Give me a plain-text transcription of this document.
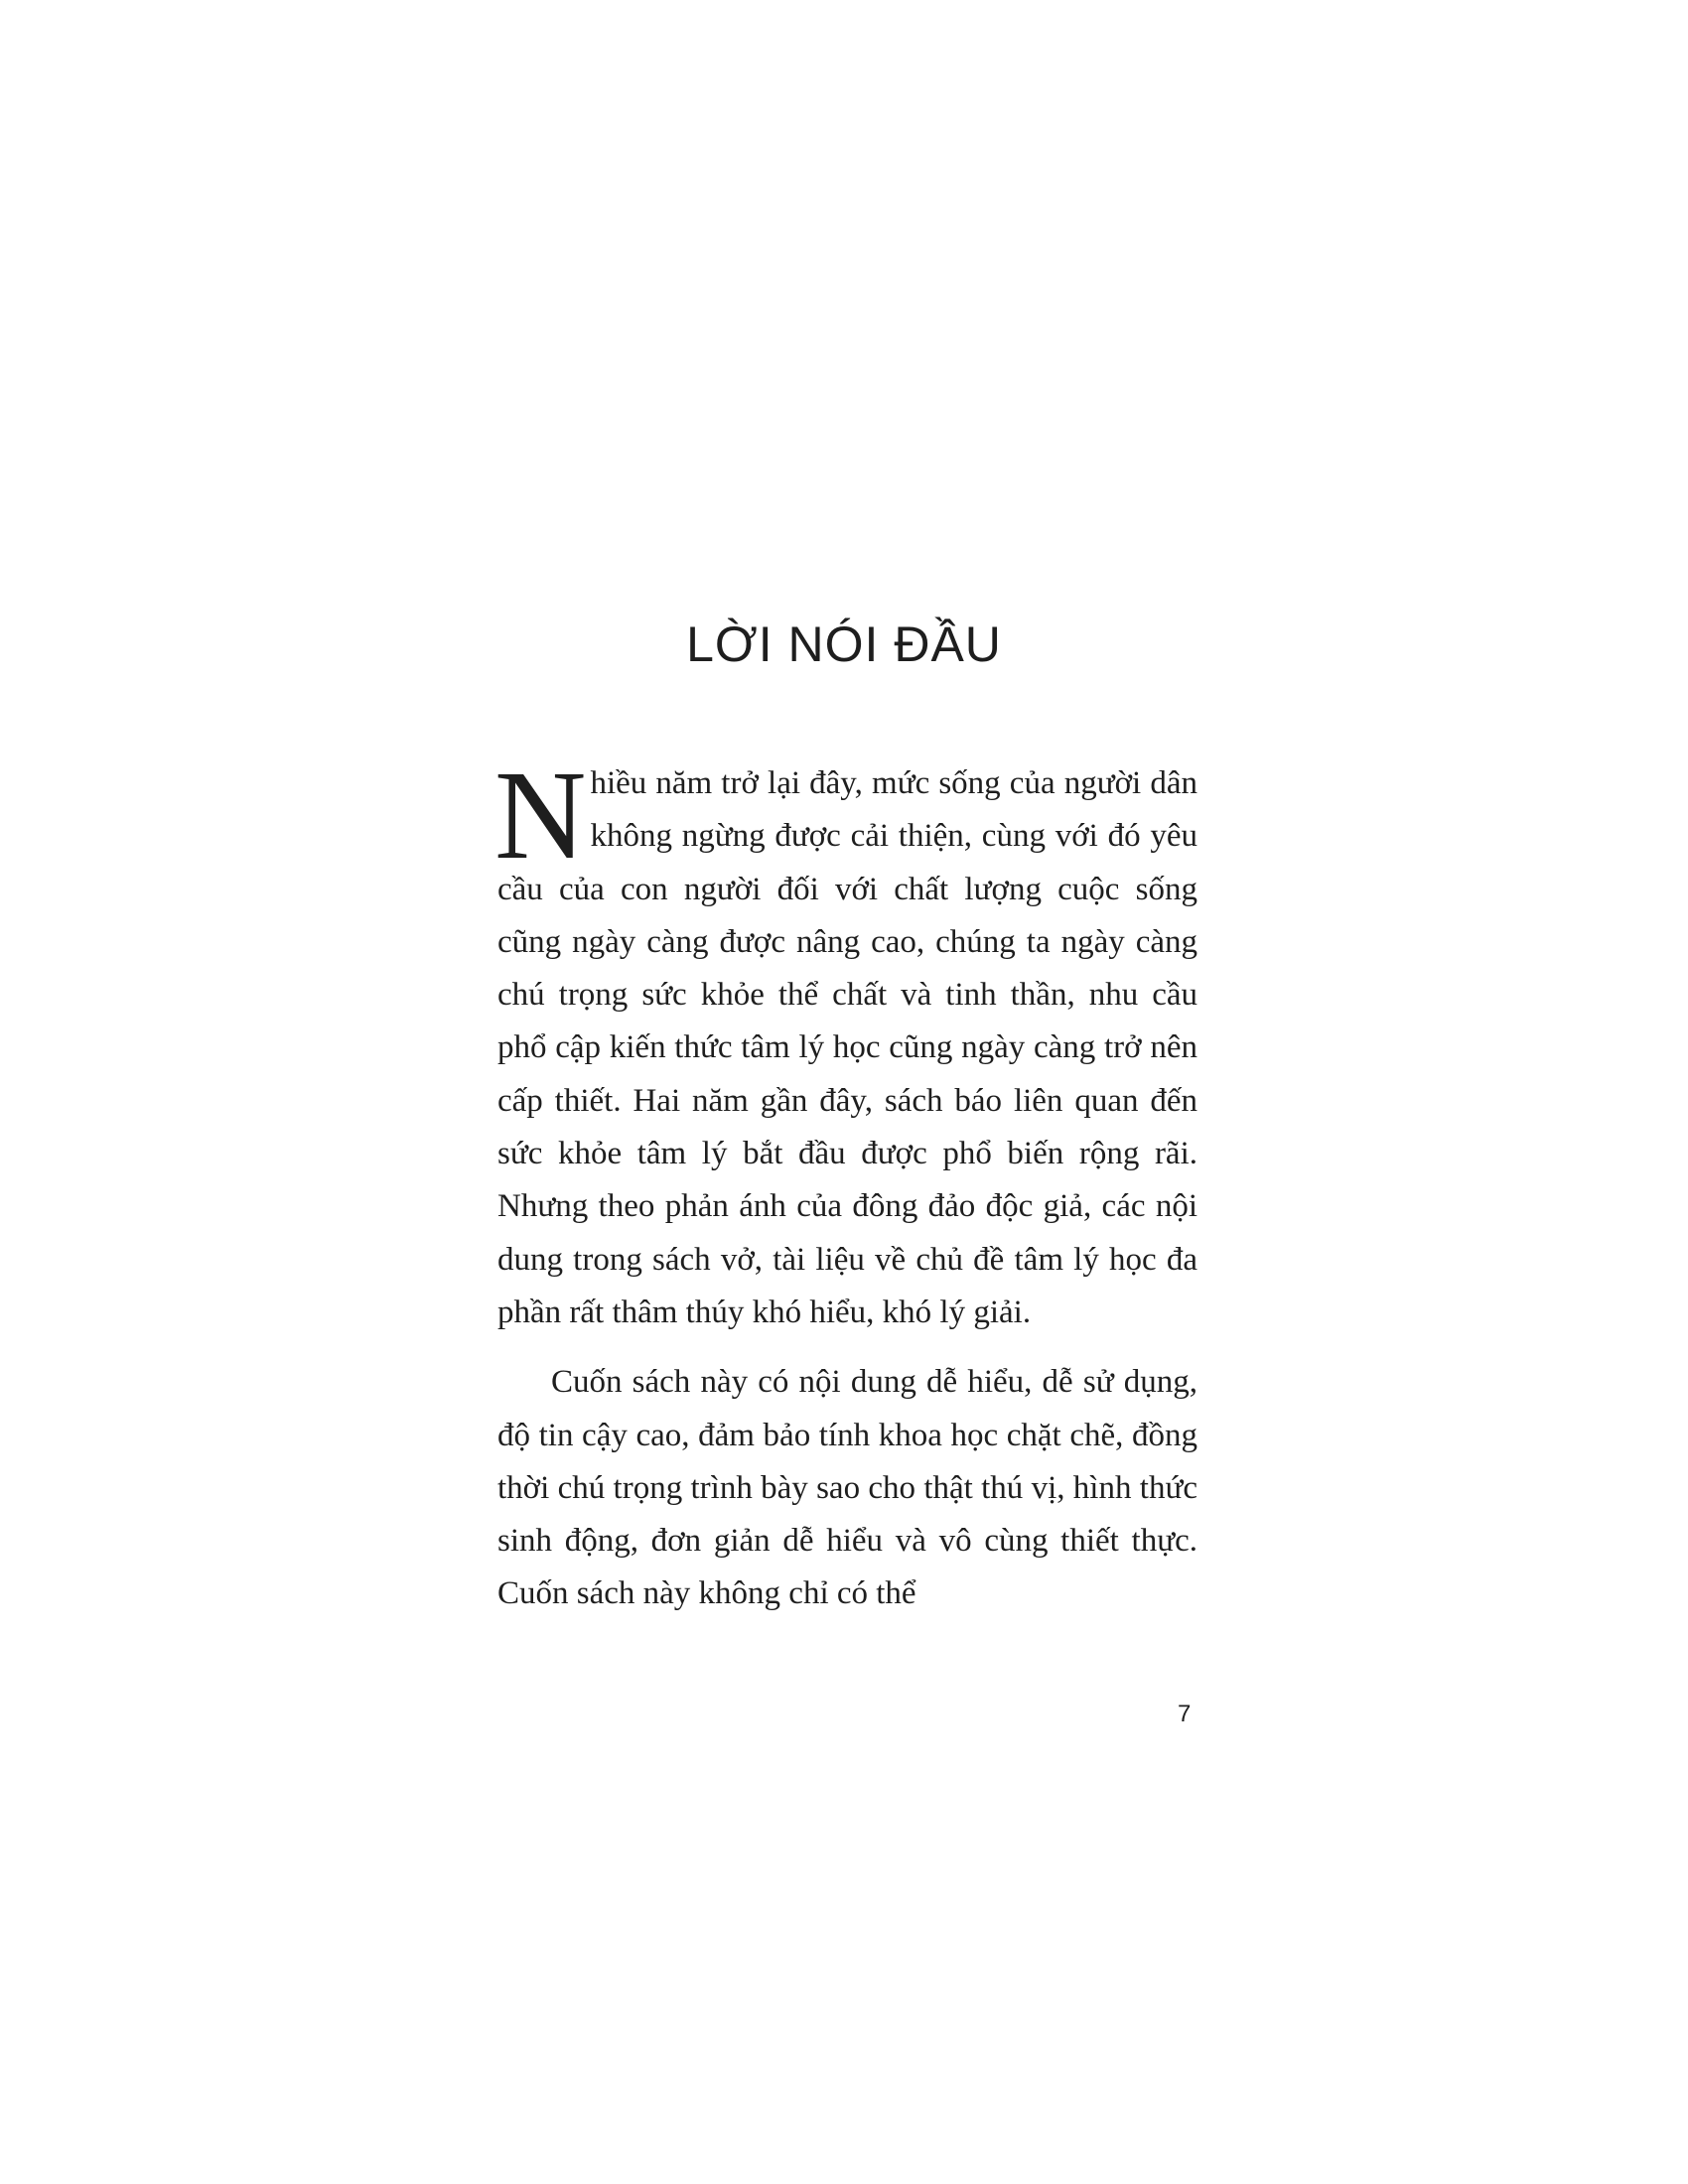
LỜI NÓI ĐẦU

Nhiều năm trở lại đây, mức sống của người dân không ngừng được cải thiện, cùng với đó yêu cầu của con người đối với chất lượng cuộc sống cũng ngày càng được nâng cao, chúng ta ngày càng chú trọng sức khỏe thể chất và tinh thần, nhu cầu phổ cập kiến thức tâm lý học cũng ngày càng trở nên cấp thiết. Hai năm gần đây, sách báo liên quan đến sức khỏe tâm lý bắt đầu được phổ biến rộng rãi. Nhưng theo phản ánh của đông đảo độc giả, các nội dung trong sách vở, tài liệu về chủ đề tâm lý học đa phần rất thâm thúy khó hiểu, khó lý giải.

Cuốn sách này có nội dung dễ hiểu, dễ sử dụng, độ tin cậy cao, đảm bảo tính khoa học chặt chẽ, đồng thời chú trọng trình bày sao cho thật thú vị, hình thức sinh động, đơn giản dễ hiểu và vô cùng thiết thực. Cuốn sách này không chỉ có thể

7
